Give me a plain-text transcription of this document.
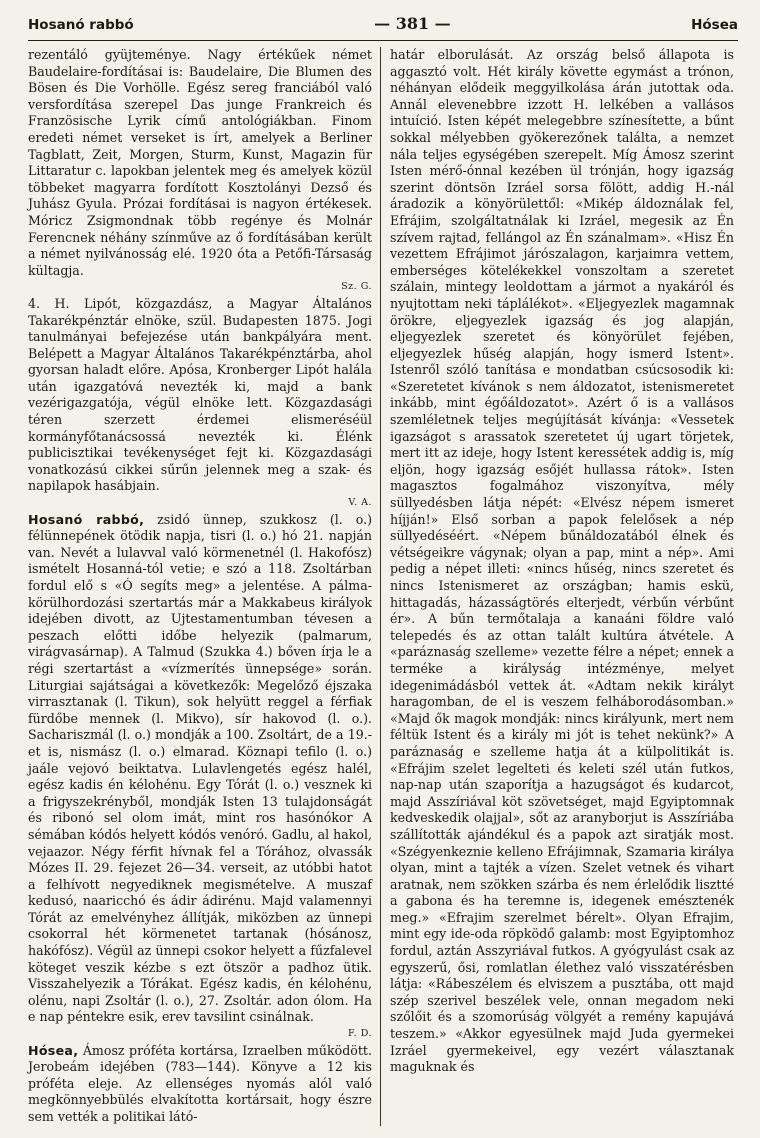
Hosanó rabbó	— 381 —	Hósea

rezentáló gyüjteménye. Nagy értékűek német Baudelaire-fordításai is: Baudelaire, Die Blumen des Bösen és Die Vorhölle. Egész sereg franciából való versfordítása szerepel Das junge Frankreich és Französische Lyrik című antológiákban. Finom eredeti német verseket is írt, amelyek a Berliner Tagblatt, Zeit, Morgen, Sturm, Kunst, Magazin für Littaratur c. lapokban jelentek meg és amelyek közül többeket magyarra fordított Kosztolányi Dezső és Juhász Gyula. Prózai fordításai is nagyon értékesek. Móricz Zsigmondnak több regénye és Molnár Ferencnek néhány színműve az ő fordításában került a német nyilvánosság elé. 1920 óta a Petőfi-Társaság kültagja.

Sz. G.

4. H. Lipót, közgazdász, a Magyar Általános Takarékpénztár elnöke, szül. Budapesten 1875. Jogi tanulmányai befejezése után bankpályára ment. Belépett a Magyar Általános Takarékpénztárba, ahol gyorsan haladt előre. Apósa, Kronberger Lipót halála után igazgatóvá nevezték ki, majd a bank vezérigazgatója, végül elnöke lett. Közgazdasági téren szerzett érdemei elismeréséül kormányfőtanácsossá nevezték ki. Élénk publicisztikai tevékenységet fejt ki. Közgazdasági vonatkozású cikkei sűrűn jelennek meg a szak- és napilapok hasábjain.

V. A.

Hosanó rabbó, zsidó ünnep, szukkosz (l. o.) félünnepének ötödik napja, tisri (l. o.) hó 21. napján van. Nevét a lulavval való körmenetnél (l. Hakofósz) ismételt Hosanná-tól vetie; e szó a 118. Zsoltárban fordul elő s «Ó segíts meg» a jelentése. A pálma-körülhordozási szertartás már a Makkabeus királyok idejében divott, az Ujtestamentumban tévesen a peszach előtti időbe helyezik (palmarum, virágvasárnap). A Talmud (Szukka 4.) bőven írja le a régi szertartást a «vízmerítés ünnepsége» során. Liturgiai sajátságai a következők: Megelőző éjszaka virrasztanak (l. Tikun), sok helyütt reggel a férfiak fürdőbe mennek (l. Mikvo), sír hakovod (l. o.). Sachariszmál (l. o.) mondják a 100. Zsoltárt, de a 19.-et is, nismász (l. o.) elmarad. Köznapi tefilo (l. o.) jaále vejovó beiktatva. Lulavlengetés egész halél, egész kadis én kélohénu. Egy Tórát (l. o.) vesznek ki a frigyszekrényből, mondják Isten 13 tulajdonságát és ribonó sel olom imát, mint ros hasónókor A sémában kódós helyett kódós venóró. Gadlu, al hakol, vejaazor. Négy férfit hívnak fel a Tórához, olvassák Mózes II. 29. fejezet 26—34. verseit, az utóbbi hatot a felhívott negyediknek megismételve. A muszaf kedusó, naaricchó és ádir ádirénu. Majd valamennyi Tórát az emelvényhez állítják, miközben az ünnepi csokorral hét körmenetet tartanak (hósánosz, hakófósz). Végül az ünnepi csokor helyett a fűzfalevel köteget veszik kézbe s ezt ötször a padhoz ütik. Visszahelyezik a Tórákat. Egész kadis, én kélohénu, olénu, napi Zsoltár (l. o.), 27. Zsoltár. adon ólom. Ha e nap péntekre esik, erev tavsilint csinálnak.

F. D.

Hósea, Ámosz próféta kortársa, Izraelben működött. Jerobeám idejében (783—144). Könyve a 12 kis próféta eleje. Az ellenséges nyomás alól való megkönnyebbülés elvakította kortársait, hogy észre sem vették a politikai látó-

határ elborulását. Az ország belső állapota is aggasztó volt. Hét király követte egymást a trónon, néhányan elődeik meggyilkolása árán jutottak oda. Annál elevenebbre izzott H. lelkében a vallásos intuíció. Isten képét melegebbre színesítette, a bűnt sokkal mélyebben gyökerezőnek találta, a nemzet nála teljes egységében szerepelt. Míg Ámosz szerint Isten mérő-ónnal kezében ül trónján, hogy igazság szerint döntsön Izráel sorsa fölött, addig H.-nál áradozik a könyörülettől: «Mikép áldoználak fel, Efrájim, szolgáltatnálak ki Izráel, megesik az Én szívem rajtad, fellángol az Én szánalmam». «Hisz Én vezettem Efrájimot járószalagon, karjaimra vettem, emberséges kötelékekkel vonszoltam a szeretet szálain, mintegy leoldottam a jármot a nyakáról és nyujtottam neki táplálékot». «Eljegyezlek magamnak örökre, eljegyezlek igazság és jog alapján, eljegyezlek szeretet és könyörület fejében, eljegyezlek hűség alapján, hogy ismerd Istent». Istenről szóló tanítása e mondatban csúcsosodik ki: «Szeretetet kívánok s nem áldozatot, istenismeretet inkább, mint égőáldozatot». Azért ő is a vallásos szemléletnek teljes megújítását kívánja: «Vessetek igazságot s arassatok szeretetet új ugart törjetek, mert itt az ideje, hogy Istent keressétek addig is, míg eljön, hogy igazság esőjét hullassa rátok». Isten magasztos fogalmához viszonyítva, mély süllyedésben látja népét: «Elvész népem ismeret híjján!» Első sorban a papok felelősek a nép süllyedéséért. «Népem bűnáldozatából élnek és vétségeikre vágynak; olyan a pap, mint a nép». Ami pedig a népet illeti: «nincs hűség, nincs szeretet és nincs Istenismeret az országban; hamis eskü, hittagadás, házasságtörés elterjedt, vérbűn vérbűnt ér». A bűn termőtalaja a kanaáni földre való telepedés és az ottan talált kultúra átvétele. A «paráznaság szelleme» vezette félre a népet; ennek a terméke a királyság intézménye, melyet idegenimádásból vettek át. «Adtam nekik királyt haragomban, de el is veszem felháborodásomban.» «Majd ők magok mondják: nincs királyunk, mert nem féltük Istent és a király mi jót is tehet nekünk?» A paráznaság e szelleme hatja át a külpolitikát is. «Efrájim szelet legelteti és keleti szél után futkos, nap-nap után szaporítja a hazugságot és kudarcot, majd Asszíriával köt szövetséget, majd Egyiptomnak kedveskedik olajjal», sőt az aranyborjut is Asszíriába szállították ajándékul és a papok azt siratják most. «Szégyenkeznie kelleno Efrájimnak, Szamaria királya olyan, mint a tajték a vízen. Szelet vetnek és vihart aratnak, nem szökken szárba és nem érlelődik lisztté a gabona és ha teremne is, idegenek emésztenék meg.» «Efrajim szerelmet bérelt». Olyan Efrajim, mint egy ide-oda röpködő galamb: most Egyiptomhoz fordul, aztán Asszyriával futkos. A gyógyulást csak az egyszerű, ősi, romlatlan élethez való visszatérésben látja: «Rábeszélem és elviszem a pusztába, ott majd szép szerivel beszélek vele, onnan megadom neki szőlőit és a szomorúság völgyét a remény kapujává teszem.» «Akkor egyesülnek majd Juda gyermekei Izráel gyermekeivel, egy vezért választanak maguknak és
